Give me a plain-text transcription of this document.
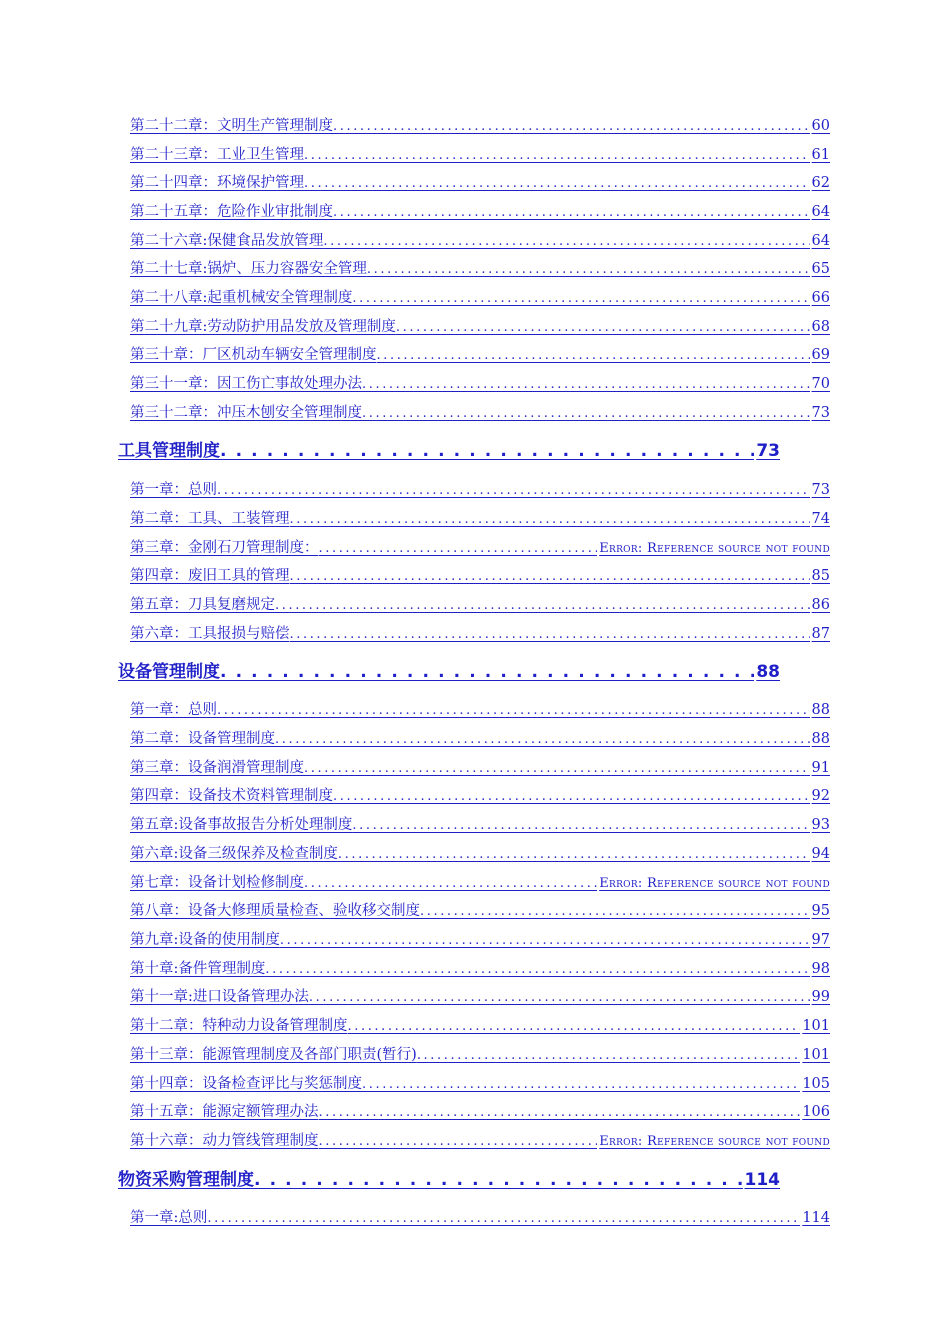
第二十二章：文明生产管理制度 .....	60
第二十三章：工业卫生管理 .....	61
第二十四章：环境保护管理 .....	62
第二十五章：危险作业审批制度 .....	64
第二十六章:保健食品发放管理 .....	64
第二十七章:锅炉、压力容器安全管理 .....	65
第二十八章:起重机械安全管理制度 .....	66
第二十九章:劳动防护用品发放及管理制度 .....	68
第三十章：厂区机动车辆安全管理制度 .....	69
第三十一章：因工伤亡事故处理办法 .....	70
第三十二章：冲压木刨安全管理制度 .....	73
工具管理制度 . . .	73
第一章：总则 .....	73
第二章：工具、工装管理 .....	74
第三章：金刚石刀管理制度： .....	Error: Reference source not found
第四章：废旧工具的管理 .....	85
第五章：刀具复磨规定 .....	86
第六章：工具报损与赔偿 .....	87
设备管理制度 . . .	88
第一章：总则 .....	88
第二章：设备管理制度 .....	88
第三章：设备润滑管理制度 .....	91
第四章：设备技术资料管理制度 .....	92
第五章:设备事故报告分析处理制度 .....	93
第六章:设备三级保养及检查制度 .....	94
第七章：设备计划检修制度 .....	Error: Reference source not found
第八章：设备大修理质量检查、验收移交制度 .....	95
第九章:设备的使用制度 .....	97
第十章:备件管理制度 .....	98
第十一章:进口设备管理办法 .....	99
第十二章：特种动力设备管理制度 .....	101
第十三章：能源管理制度及各部门职责(暂行) .....	101
第十四章：设备检查评比与奖惩制度 .....	105
第十五章：能源定额管理办法 .....	106
第十六章：动力管线管理制度 .....	Error: Reference source not found
物资采购管理制度 . . .	114
第一章:总则 .....	114
